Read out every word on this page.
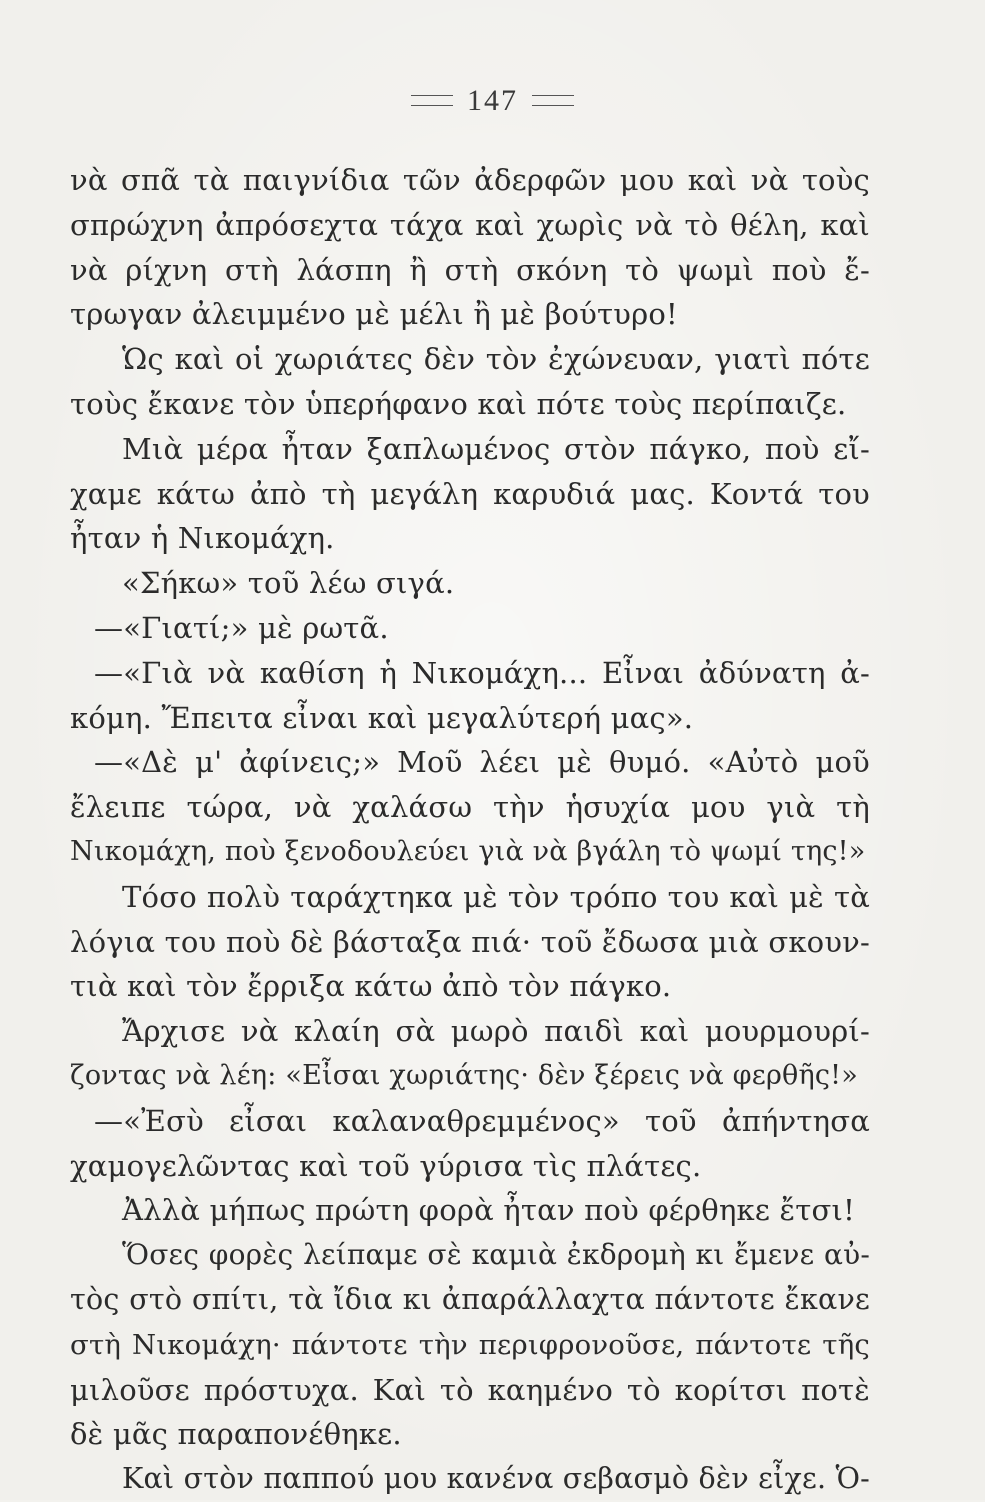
147
νὰ σπᾶ τὰ παιγνίδια τῶν ἀδερφῶν μου καὶ νὰ τοὺς
σπρώχνη ἀπρόσεχτα τάχα καὶ χωρὶς νὰ τὸ θέλη, καὶ
νὰ ρίχνη στὴ λάσπη ἢ στὴ σκόνη τὸ ψωμὶ ποὺ ἔ-
τρωγαν ἀλειμμένο μὲ μέλι ἢ μὲ βούτυρο!
Ὡς καὶ οἱ χωριάτες δὲν τὸν ἐχώνευαν, γιατὶ πότε
τοὺς ἔκανε τὸν ὑπερήφανο καὶ πότε τοὺς περίπαιζε.
Μιὰ μέρα ἦταν ξαπλωμένος στὸν πάγκο, ποὺ εἴ-
χαμε κάτω ἀπὸ τὴ μεγάλη καρυδιά μας. Κοντά του
ἦταν ἡ Νικομάχη.
«Σήκω» τοῦ λέω σιγά.
—«Γιατί;» μὲ ρωτᾶ.
—«Γιὰ νὰ καθίση ἡ Νικομάχη... Εἶναι ἀδύνατη ἀ-
κόμη. Ἔπειτα εἶναι καὶ μεγαλύτερή μας».
—«Δὲ μ' ἀφίνεις;» Μοῦ λέει μὲ θυμό. «Αὐτὸ μοῦ
ἔλειπε τώρα, νὰ χαλάσω τὴν ἡσυχία μου γιὰ τὴ
Νικομάχη, ποὺ ξενοδουλεύει γιὰ νὰ βγάλη τὸ ψωμί της!»
Τόσο πολὺ ταράχτηκα μὲ τὸν τρόπο του καὶ μὲ τὰ
λόγια του ποὺ δὲ βάσταξα πιά· τοῦ ἔδωσα μιὰ σκουν-
τιὰ καὶ τὸν ἔρριξα κάτω ἀπὸ τὸν πάγκο.
Ἄρχισε νὰ κλαίη σὰ μωρὸ παιδὶ καὶ μουρμουρί-
ζοντας νὰ λέη: «Εἶσαι χωριάτης· δὲν ξέρεις νὰ φερθῆς!»
—«Ἐσὺ εἶσαι καλαναθρεμμένος» τοῦ ἀπήντησα
χαμογελῶντας καὶ τοῦ γύρισα τὶς πλάτες.
Ἀλλὰ μήπως πρώτη φορὰ ἦταν ποὺ φέρθηκε ἔτσι!
Ὅσες φορὲς λείπαμε σὲ καμιὰ ἐκδρομὴ κι ἔμενε αὐ-
τὸς στὸ σπίτι, τὰ ἴδια κι ἀπαράλλαχτα πάντοτε ἔκανε
στὴ Νικομάχη· πάντοτε τὴν περιφρονοῦσε, πάντοτε τῆς
μιλοῦσε πρόστυχα. Καὶ τὸ καημένο τὸ κορίτσι ποτὲ
δὲ μᾶς παραπονέθηκε.
Καὶ στὸν παππού μου κανένα σεβασμὸ δὲν εἶχε. Ὁ-
